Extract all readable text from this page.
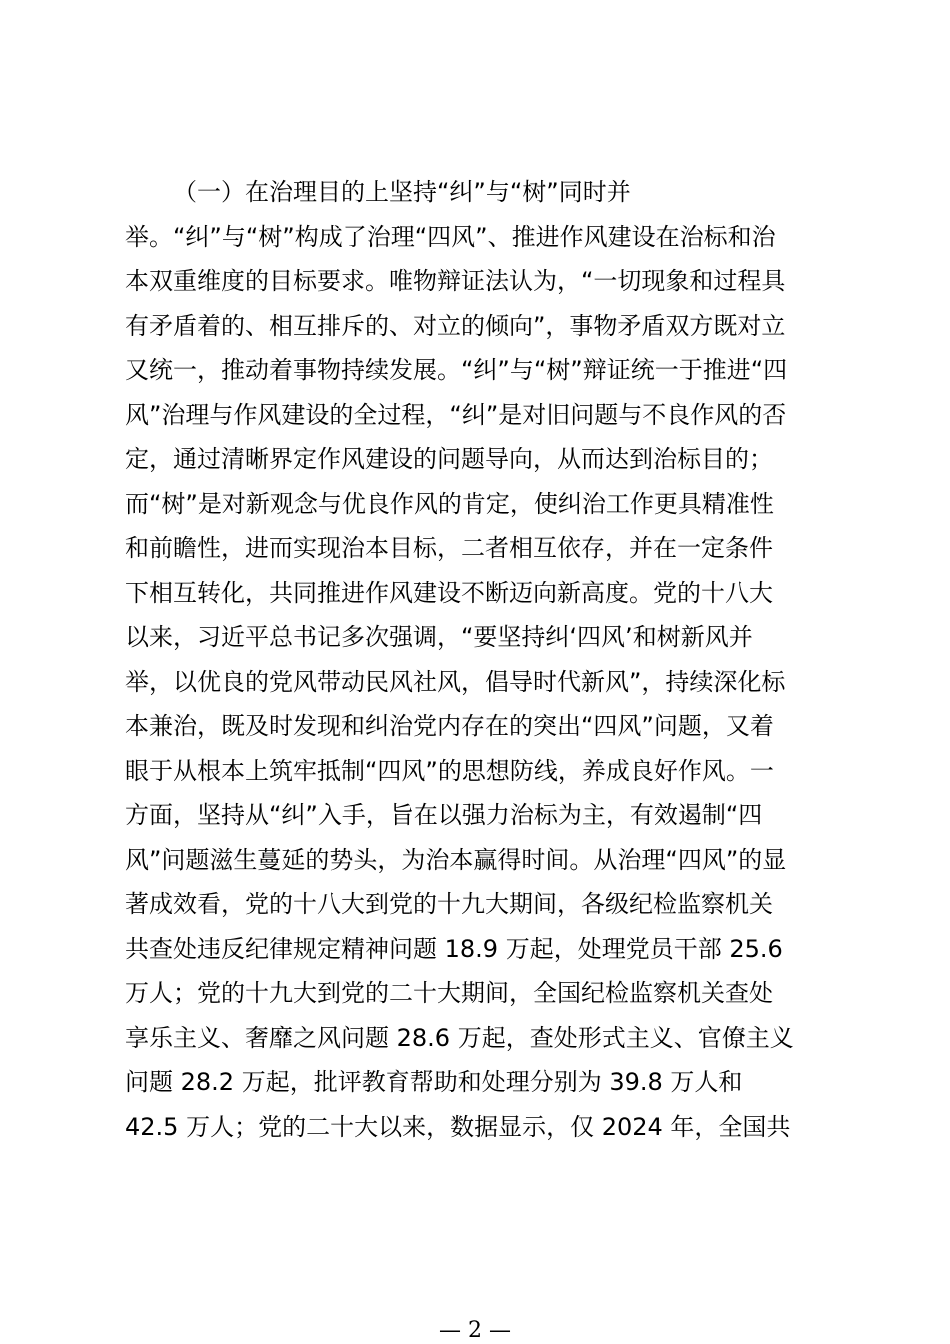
（一）在治理目的上坚持“纠”与“树”同时并
举。“纠”与“树”构成了治理“四风”、推进作风建设在治标和治
本双重维度的目标要求。唯物辩证法认为，“一切现象和过程具
有矛盾着的、相互排斥的、对立的倾向”，事物矛盾双方既对立
又统一，推动着事物持续发展。“纠”与“树”辩证统一于推进“四
风”治理与作风建设的全过程，“纠”是对旧问题与不良作风的否
定，通过清晰界定作风建设的问题导向，从而达到治标目的；
而“树”是对新观念与优良作风的肯定，使纠治工作更具精准性
和前瞻性，进而实现治本目标，二者相互依存，并在一定条件
下相互转化，共同推进作风建设不断迈向新高度。党的十八大
以来，习近平总书记多次强调，“要坚持纠‘四风’和树新风并
举，以优良的党风带动民风社风，倡导时代新风”，持续深化标
本兼治，既及时发现和纠治党内存在的突出“四风”问题，又着
眼于从根本上筑牢抵制“四风”的思想防线，养成良好作风。一
方面，坚持从“纠”入手，旨在以强力治标为主，有效遏制“四
风”问题滋生蔓延的势头，为治本赢得时间。从治理“四风”的显
著成效看，党的十八大到党的十九大期间，各级纪检监察机关
共查处违反纪律规定精神问题 18.9 万起，处理党员干部 25.6
万人；党的十九大到党的二十大期间，全国纪检监察机关查处
享乐主义、奢靡之风问题 28.6 万起，查处形式主义、官僚主义
问题 28.2 万起，批评教育帮助和处理分别为 39.8 万人和
42.5 万人；党的二十大以来，数据显示，仅 2024 年，全国共
— 2 —
